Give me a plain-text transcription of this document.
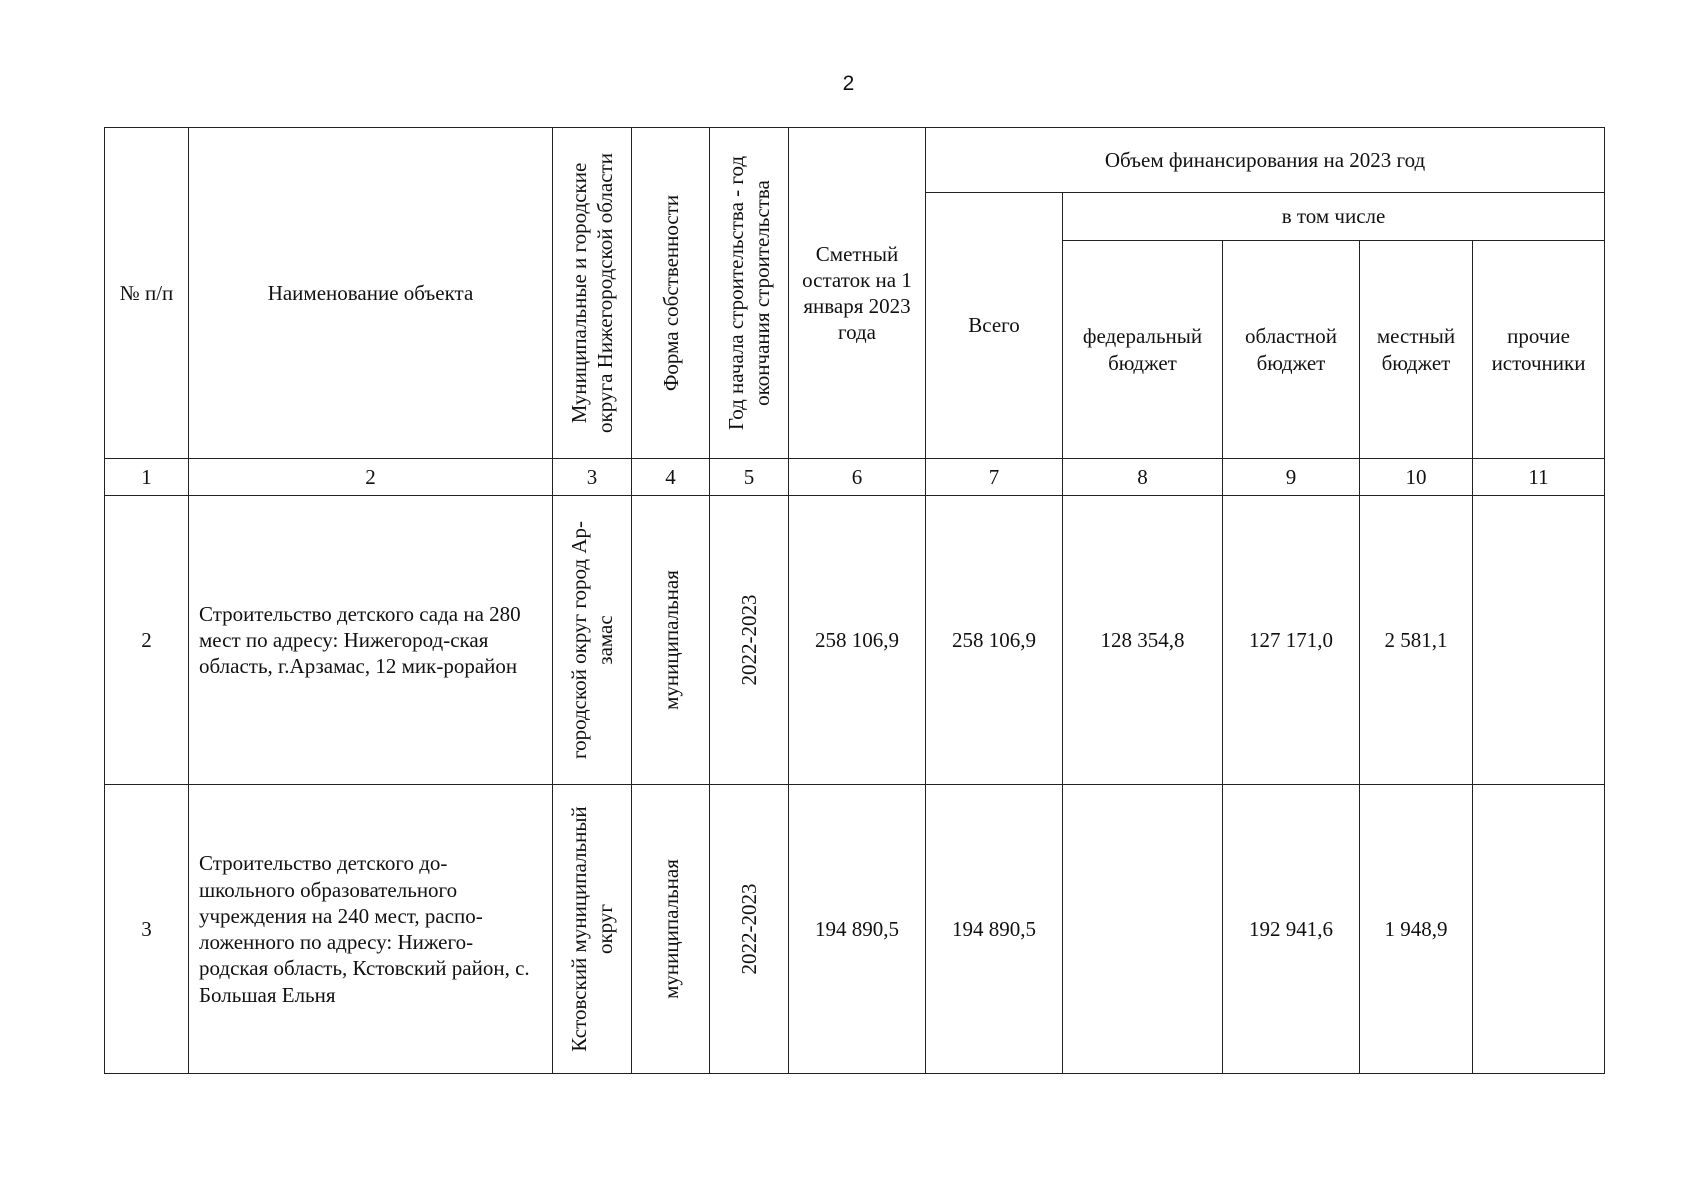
2
№ п/п	Наименование объекта	Муниципальные и городские округа Нижегородской области	Форма собственности	Год начала строительства - год окончания строительства	Сметный остаток на 1 января 2023 года	Объем финансирования на 2023 год				
						Всего	в том числе			
							федеральный бюджет	областной бюджет	местный бюджет	прочие источники
1	2	3	4	5	6	7	8	9	10	11
2	Строительство детского сада на 280 мест по адресу: Нижегород-ская область, г.Арзамас, 12 мик-рорайон	городской округ город Ар-замас	муниципальная	2022-2023	258 106,9	258 106,9	128 354,8	127 171,0	2 581,1	
3	Строительство детского до-школьного образовательного учреждения на 240 мест, распо-ложенного по адресу: Нижего-родская область, Кстовский район, с. Большая Ельня	Кстовский муниципальный округ	муниципальная	2022-2023	194 890,5	194 890,5		192 941,6	1 948,9	
